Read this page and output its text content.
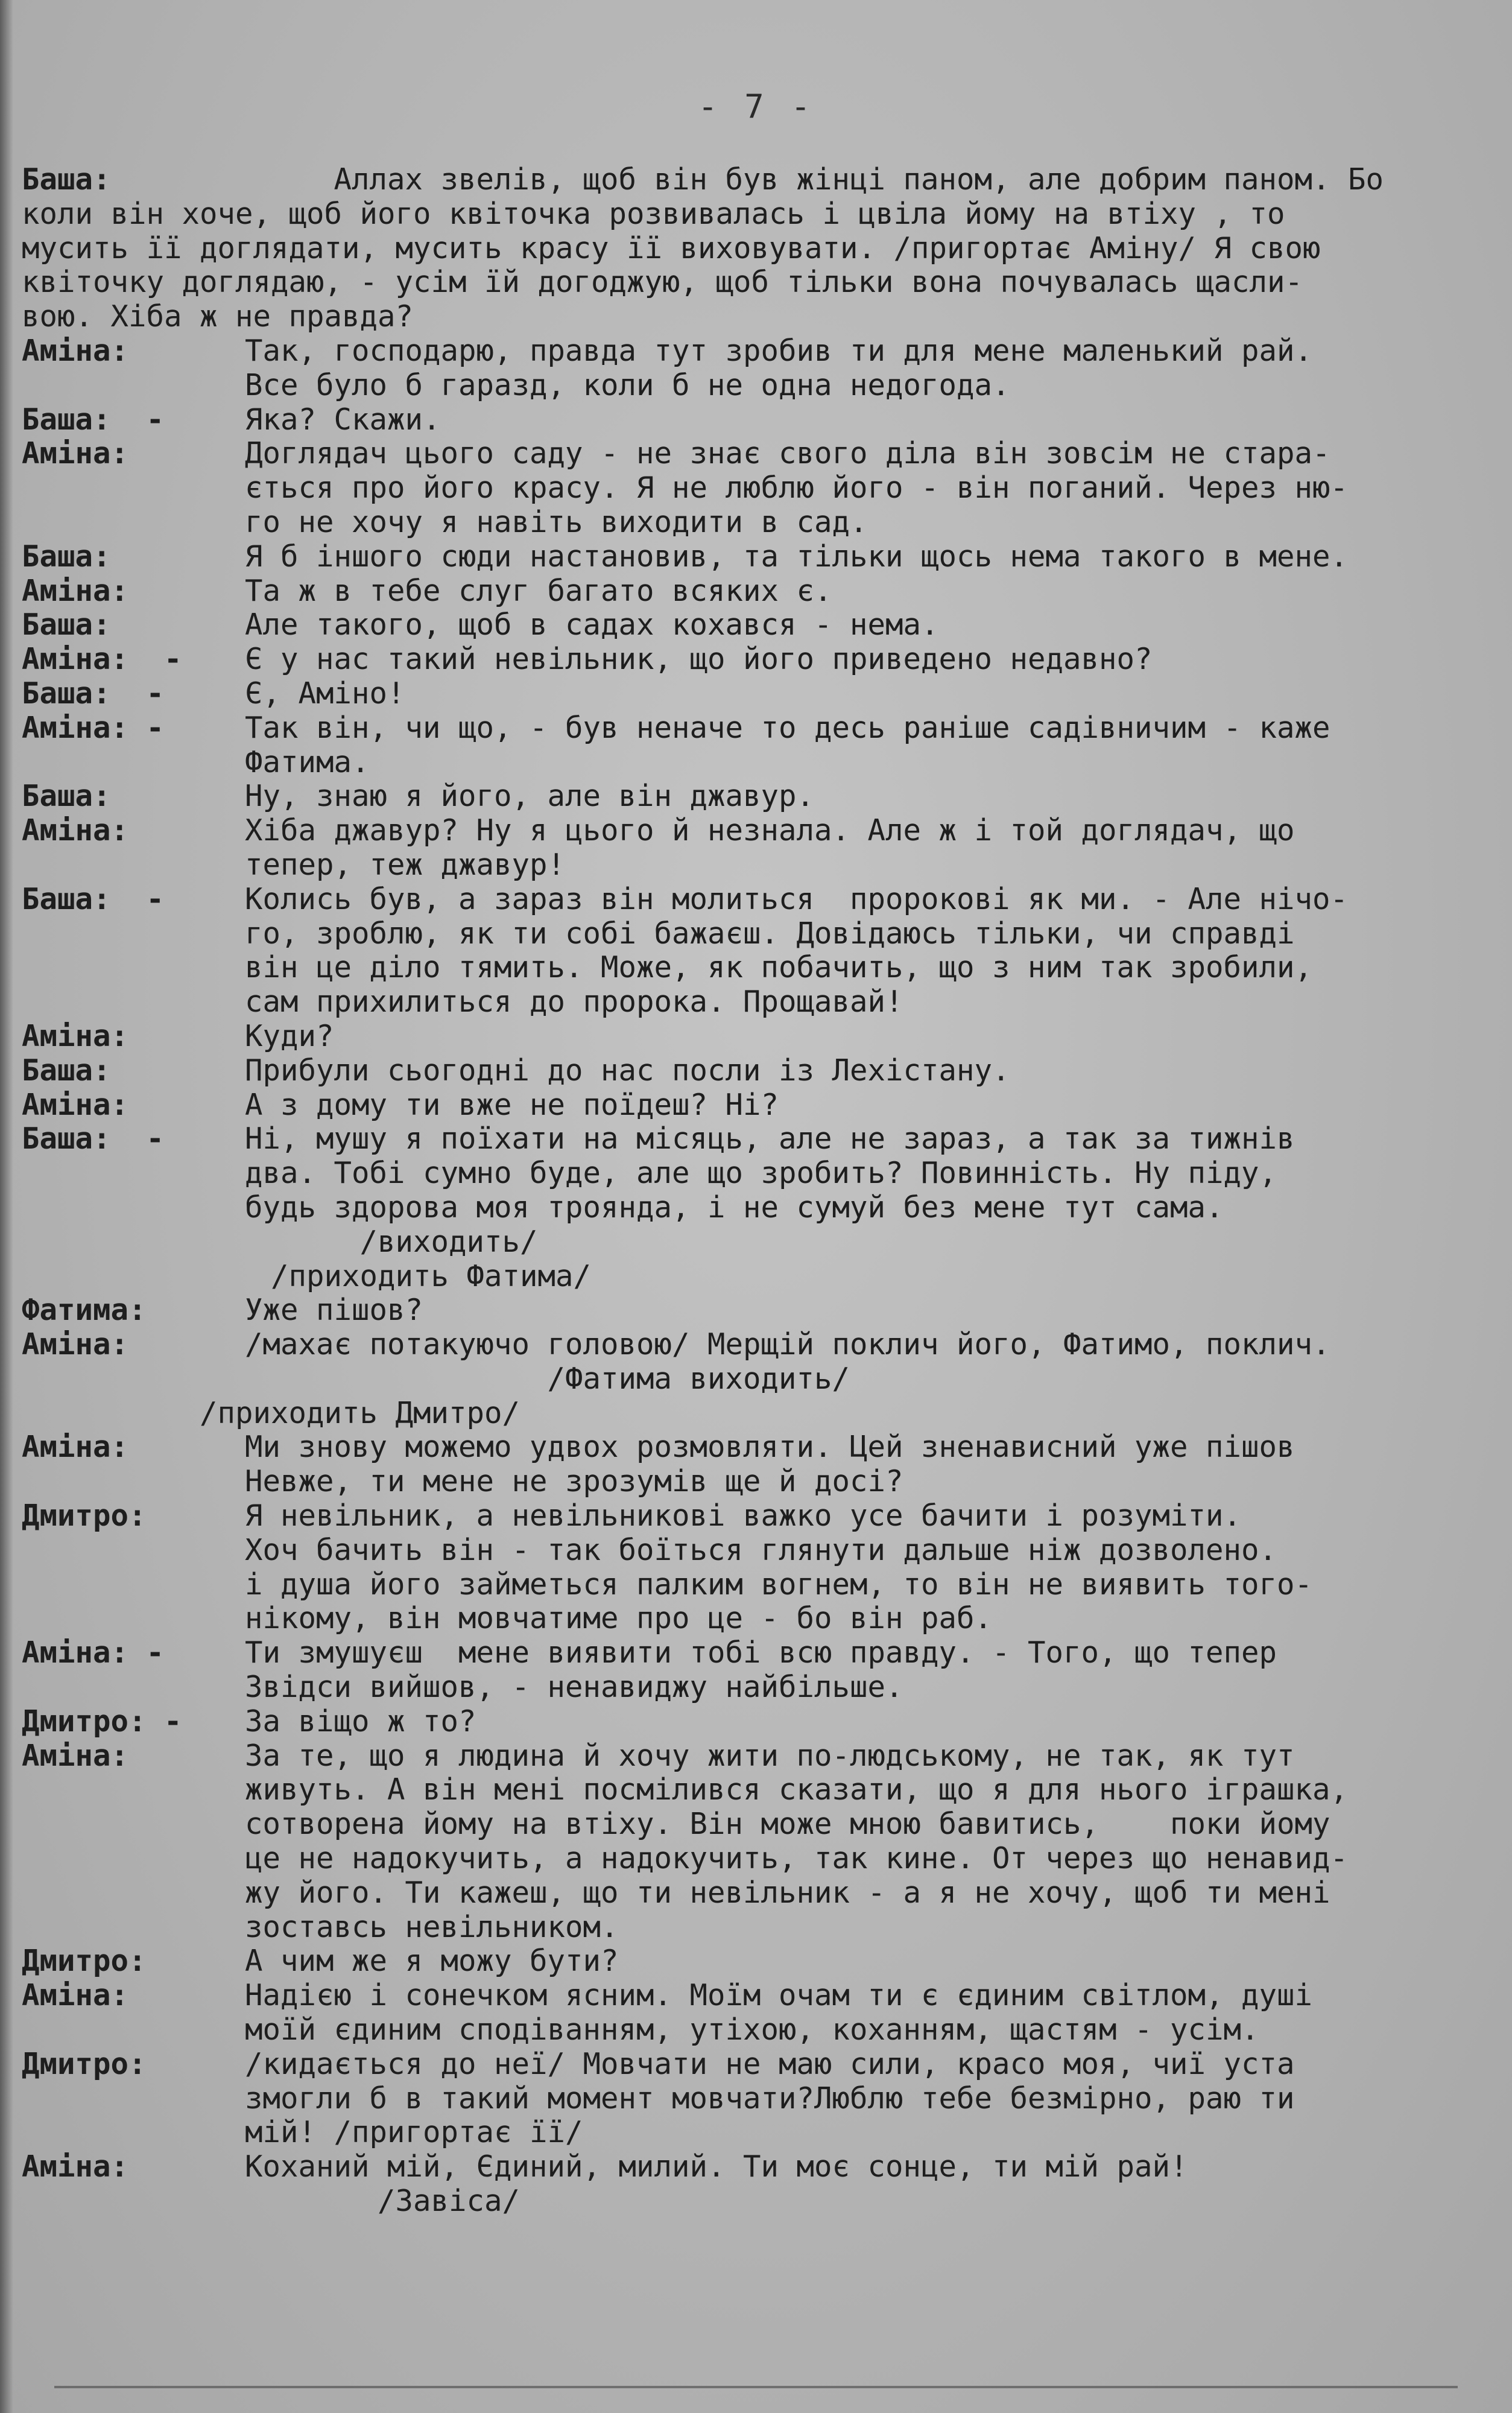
- 7 -
Баша:	Аллах звелів, щоб він був жінці паном, але добрим паном. Бо
коли він хоче, щоб його квіточка розвивалась і цвіла йому на втіху , то
мусить її доглядати, мусить красу її виховувати. /пригортає Аміну/ Я свою
квіточку доглядаю, - усім їй догоджую, щоб тільки вона почувалась щасли-
вою. Хіба ж не правда?
Аміна:	Так, господарю, правда тут зробив ти для мене маленький рай.
Все було б гаразд, коли б не одна недогода.
Баша:  -	Яка? Скажи.
Аміна:	Доглядач цього саду - не знає свого діла він зовсім не стара-
ється про його красу. Я не люблю його - він поганий. Через ню-
го не хочу я навіть виходити в сад.
Баша:	Я б іншого сюди настановив, та тільки щось нема такого в мене.
Аміна:	Та ж в тебе слуг багато всяких є.
Баша:	Але такого, щоб в садах кохався - нема.
Аміна:  -	Є у нас такий невільник, що його приведено недавно?
Баша:  -	Є, Аміно!
Аміна: -	Так він, чи що, - був неначе то десь раніше садівничим - каже
Фатима.
Баша:	Ну, знаю я його, але він джавур.
Аміна:	Хіба джавур? Ну я цього й незнала. Але ж і той доглядач, що
тепер, теж джавур!
Баша:  -	Колись був, а зараз він молиться  пророкові як ми. - Але нічо-
го, зроблю, як ти собі бажаєш. Довідаюсь тільки, чи справді
він це діло тямить. Може, як побачить, що з ним так зробили,
сам прихилиться до пророка. Прощавай!
Аміна:	Куди?
Баша:	Прибули сьогодні до нас посли із Лехістану.
Аміна:	А з дому ти вже не поїдеш? Ні?
Баша:  -	Ні, мушу я поїхати на місяць, але не зараз, а так за тижнів
два. Тобі сумно буде, але що зробить? Повинність. Ну піду,
будь здорова моя троянда, і не сумуй без мене тут сама.
/виходить/
/приходить Фатима/
Фатима:	Уже пішов?
Аміна:	/махає потакуючо головою/ Мерщій поклич його, Фатимо, поклич.
/Фатима виходить/
/приходить Дмитро/
Аміна:	Ми знову можемо удвох розмовляти. Цей зненависний уже пішов
Невже, ти мене не зрозумів ще й досі?
Дмитро:	Я невільник, а невільникові важко усе бачити і розуміти.
Хоч бачить він - так боїться глянути дальше ніж дозволено.
і душа його займеться палким вогнем, то він не виявить того-
нікому, він мовчатиме про це - бо він раб.
Аміна: -	Ти змушуєш  мене виявити тобі всю правду. - Того, що тепер
Звідси вийшов, - ненавиджу найбільше.
Дмитро: -	За віщо ж то?
Аміна:	За те, що я людина й хочу жити по-людському, не так, як тут
живуть. А він мені посмілився сказати, що я для нього іграшка,
сотворена йому на втіху. Він може мною бавитись,    поки йому
це не надокучить, а надокучить, так кине. От через що ненавид-
жу його. Ти кажеш, що ти невільник - а я не хочу, щоб ти мені
зоставсь невільником.
Дмитро:	А чим же я можу бути?
Аміна:	Надією і сонечком ясним. Моїм очам ти є єдиним світлом, душі
моїй єдиним сподіванням, утіхою, коханням, щастям - усім.
Дмитро:	/кидається до неї/ Мовчати не маю сили, красо моя, чиї уста
змогли б в такий момент мовчати?Люблю тебе безмірно, раю ти
мій! /пригортає її/
Аміна:	Коханий мій, Єдиний, милий. Ти моє сонце, ти мій рай!
/Завіса/
